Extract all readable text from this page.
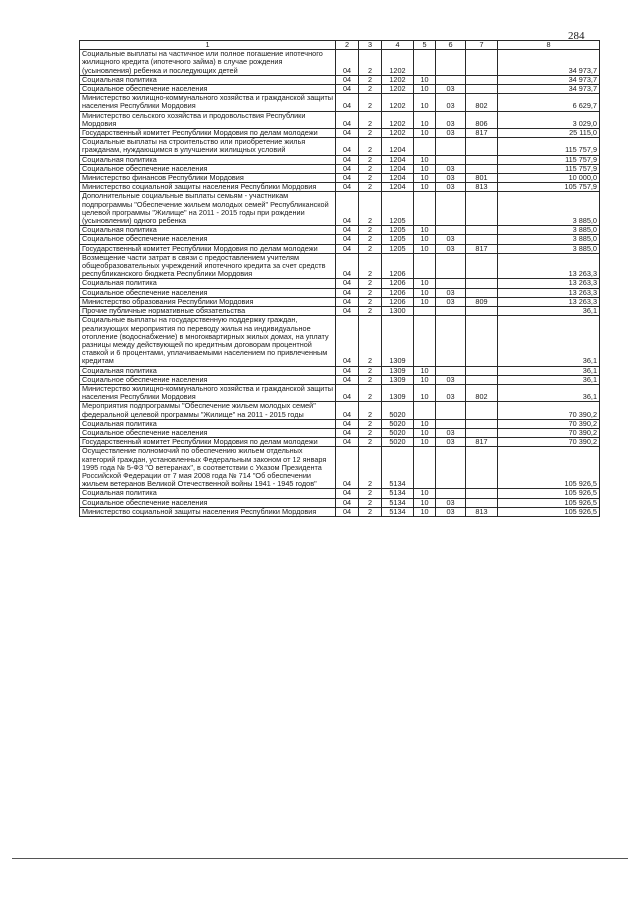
284
1	2	3	4	5	6	7	8
Социальные выплаты на частичное или полное погашение ипотечного жилищного кредита (ипотечного займа) в случае рождения (усыновления) ребенка и последующих детей	04	2	1202				34 973,7
Социальная политика	04	2	1202	10			34 973,7
Социальное обеспечение населения	04	2	1202	10	03		34 973,7
Министерство жилищно-коммунального хозяйства и гражданской защиты населения Республики Мордовия	04	2	1202	10	03	802	6 629,7
Министерство сельского хозяйства и продовольствия Республики Мордовия	04	2	1202	10	03	806	3 029,0
Государственный комитет Республики Мордовия по делам молодежи	04	2	1202	10	03	817	25 115,0
Социальные выплаты на строительство или приобретение жилья гражданам, нуждающимся в улучшении жилищных условий	04	2	1204				115 757,9
Социальная политика	04	2	1204	10			115 757,9
Социальное обеспечение населения	04	2	1204	10	03		115 757,9
Министерство финансов Республики Мордовия	04	2	1204	10	03	801	10 000,0
Министерство социальной защиты населения Республики Мордовия	04	2	1204	10	03	813	105 757,9
Дополнительные социальные выплаты семьям - участникам подпрограммы "Обеспечение жильем молодых семей" Республиканской целевой программы "Жилище" на 2011 - 2015 годы при рождении (усыновлении) одного ребенка	04	2	1205				3 885,0
Социальная политика	04	2	1205	10			3 885,0
Социальное обеспечение населения	04	2	1205	10	03		3 885,0
Государственный комитет Республики Мордовия по делам молодежи	04	2	1205	10	03	817	3 885,0
Возмещение части затрат в связи с предоставлением учителям общеобразовательных учреждений ипотечного кредита за счет средств республиканского бюджета Республики Мордовия	04	2	1206				13 263,3
Социальная политика	04	2	1206	10			13 263,3
Социальное обеспечение населения	04	2	1206	10	03		13 263,3
Министерство образования Республики Мордовия	04	2	1206	10	03	809	13 263,3
Прочие публичные нормативные обязательства	04	2	1300				36,1
Социальные выплаты на государственную поддержку граждан, реализующих мероприятия по переводу жилья на индивидуальное отопление (водоснабжение) в многоквартирных жилых домах, на уплату разницы между действующей по кредитным договорам процентной ставкой и 6 процентами, уплачиваемыми населением по привлеченным кредитам	04	2	1309				36,1
Социальная политика	04	2	1309	10			36,1
Социальное обеспечение населения	04	2	1309	10	03		36,1
Министерство жилищно-коммунального хозяйства и гражданской защиты населения Республики Мордовия	04	2	1309	10	03	802	36,1
Мероприятия подпрограммы "Обеспечение жильем молодых семей" федеральной целевой программы "Жилище" на 2011 - 2015 годы	04	2	5020				70 390,2
Социальная политика	04	2	5020	10			70 390,2
Социальное обеспечение населения	04	2	5020	10	03		70 390,2
Государственный комитет Республики Мордовия по делам молодежи	04	2	5020	10	03	817	70 390,2
Осуществление полномочий по обеспечению жильем отдельных категорий граждан, установленных Федеральным законом от 12 января 1995 года № 5-ФЗ "О ветеранах", в соответствии с Указом Президента Российской Федерации от 7 мая 2008 года № 714 "Об обеспечении жильем ветеранов Великой Отечественной войны 1941 - 1945 годов"	04	2	5134				105 926,5
Социальная политика	04	2	5134	10			105 926,5
Социальное обеспечение населения	04	2	5134	10	03		105 926,5
Министерство социальной защиты населения Республики Мордовия	04	2	5134	10	03	813	105 926,5
